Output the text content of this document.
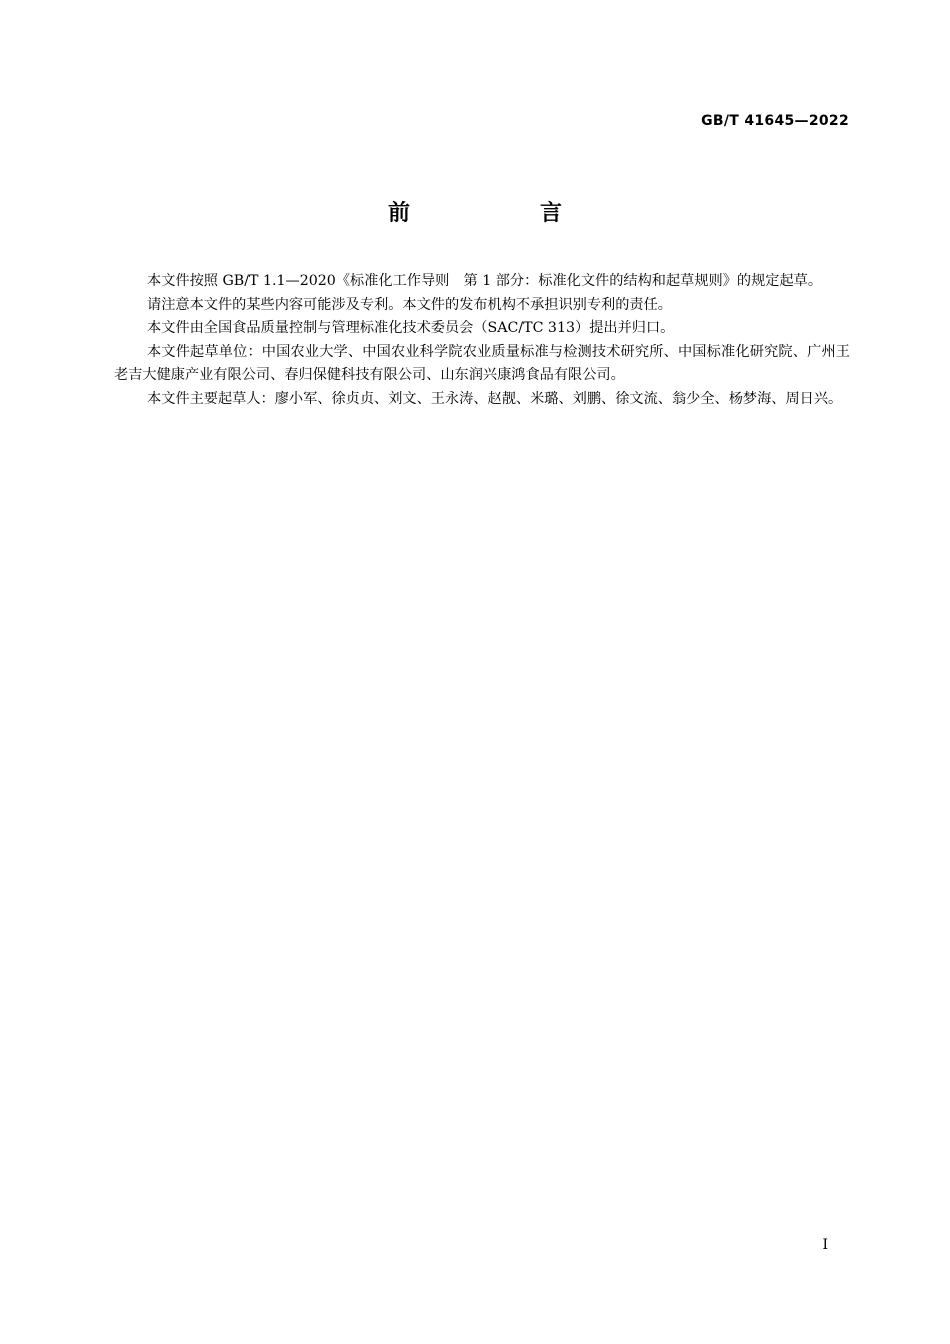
GB/T 41645—2022
前　言

本文件按照 GB/T 1.1—2020《标准化工作导则　第 1 部分：标准化文件的结构和起草规则》的规定起草。

请注意本文件的某些内容可能涉及专利。本文件的发布机构不承担识别专利的责任。

本文件由全国食品质量控制与管理标准化技术委员会（SAC/TC 313）提出并归口。

本文件起草单位：中国农业大学、中国农业科学院农业质量标准与检测技术研究所、中国标准化研究院、广州王老吉大健康产业有限公司、春归保健科技有限公司、山东润兴康鸿食品有限公司。

本文件主要起草人：廖小军、徐贞贞、刘文、王永涛、赵靓、米璐、刘鹏、徐文流、翁少全、杨梦海、周日兴。

I
